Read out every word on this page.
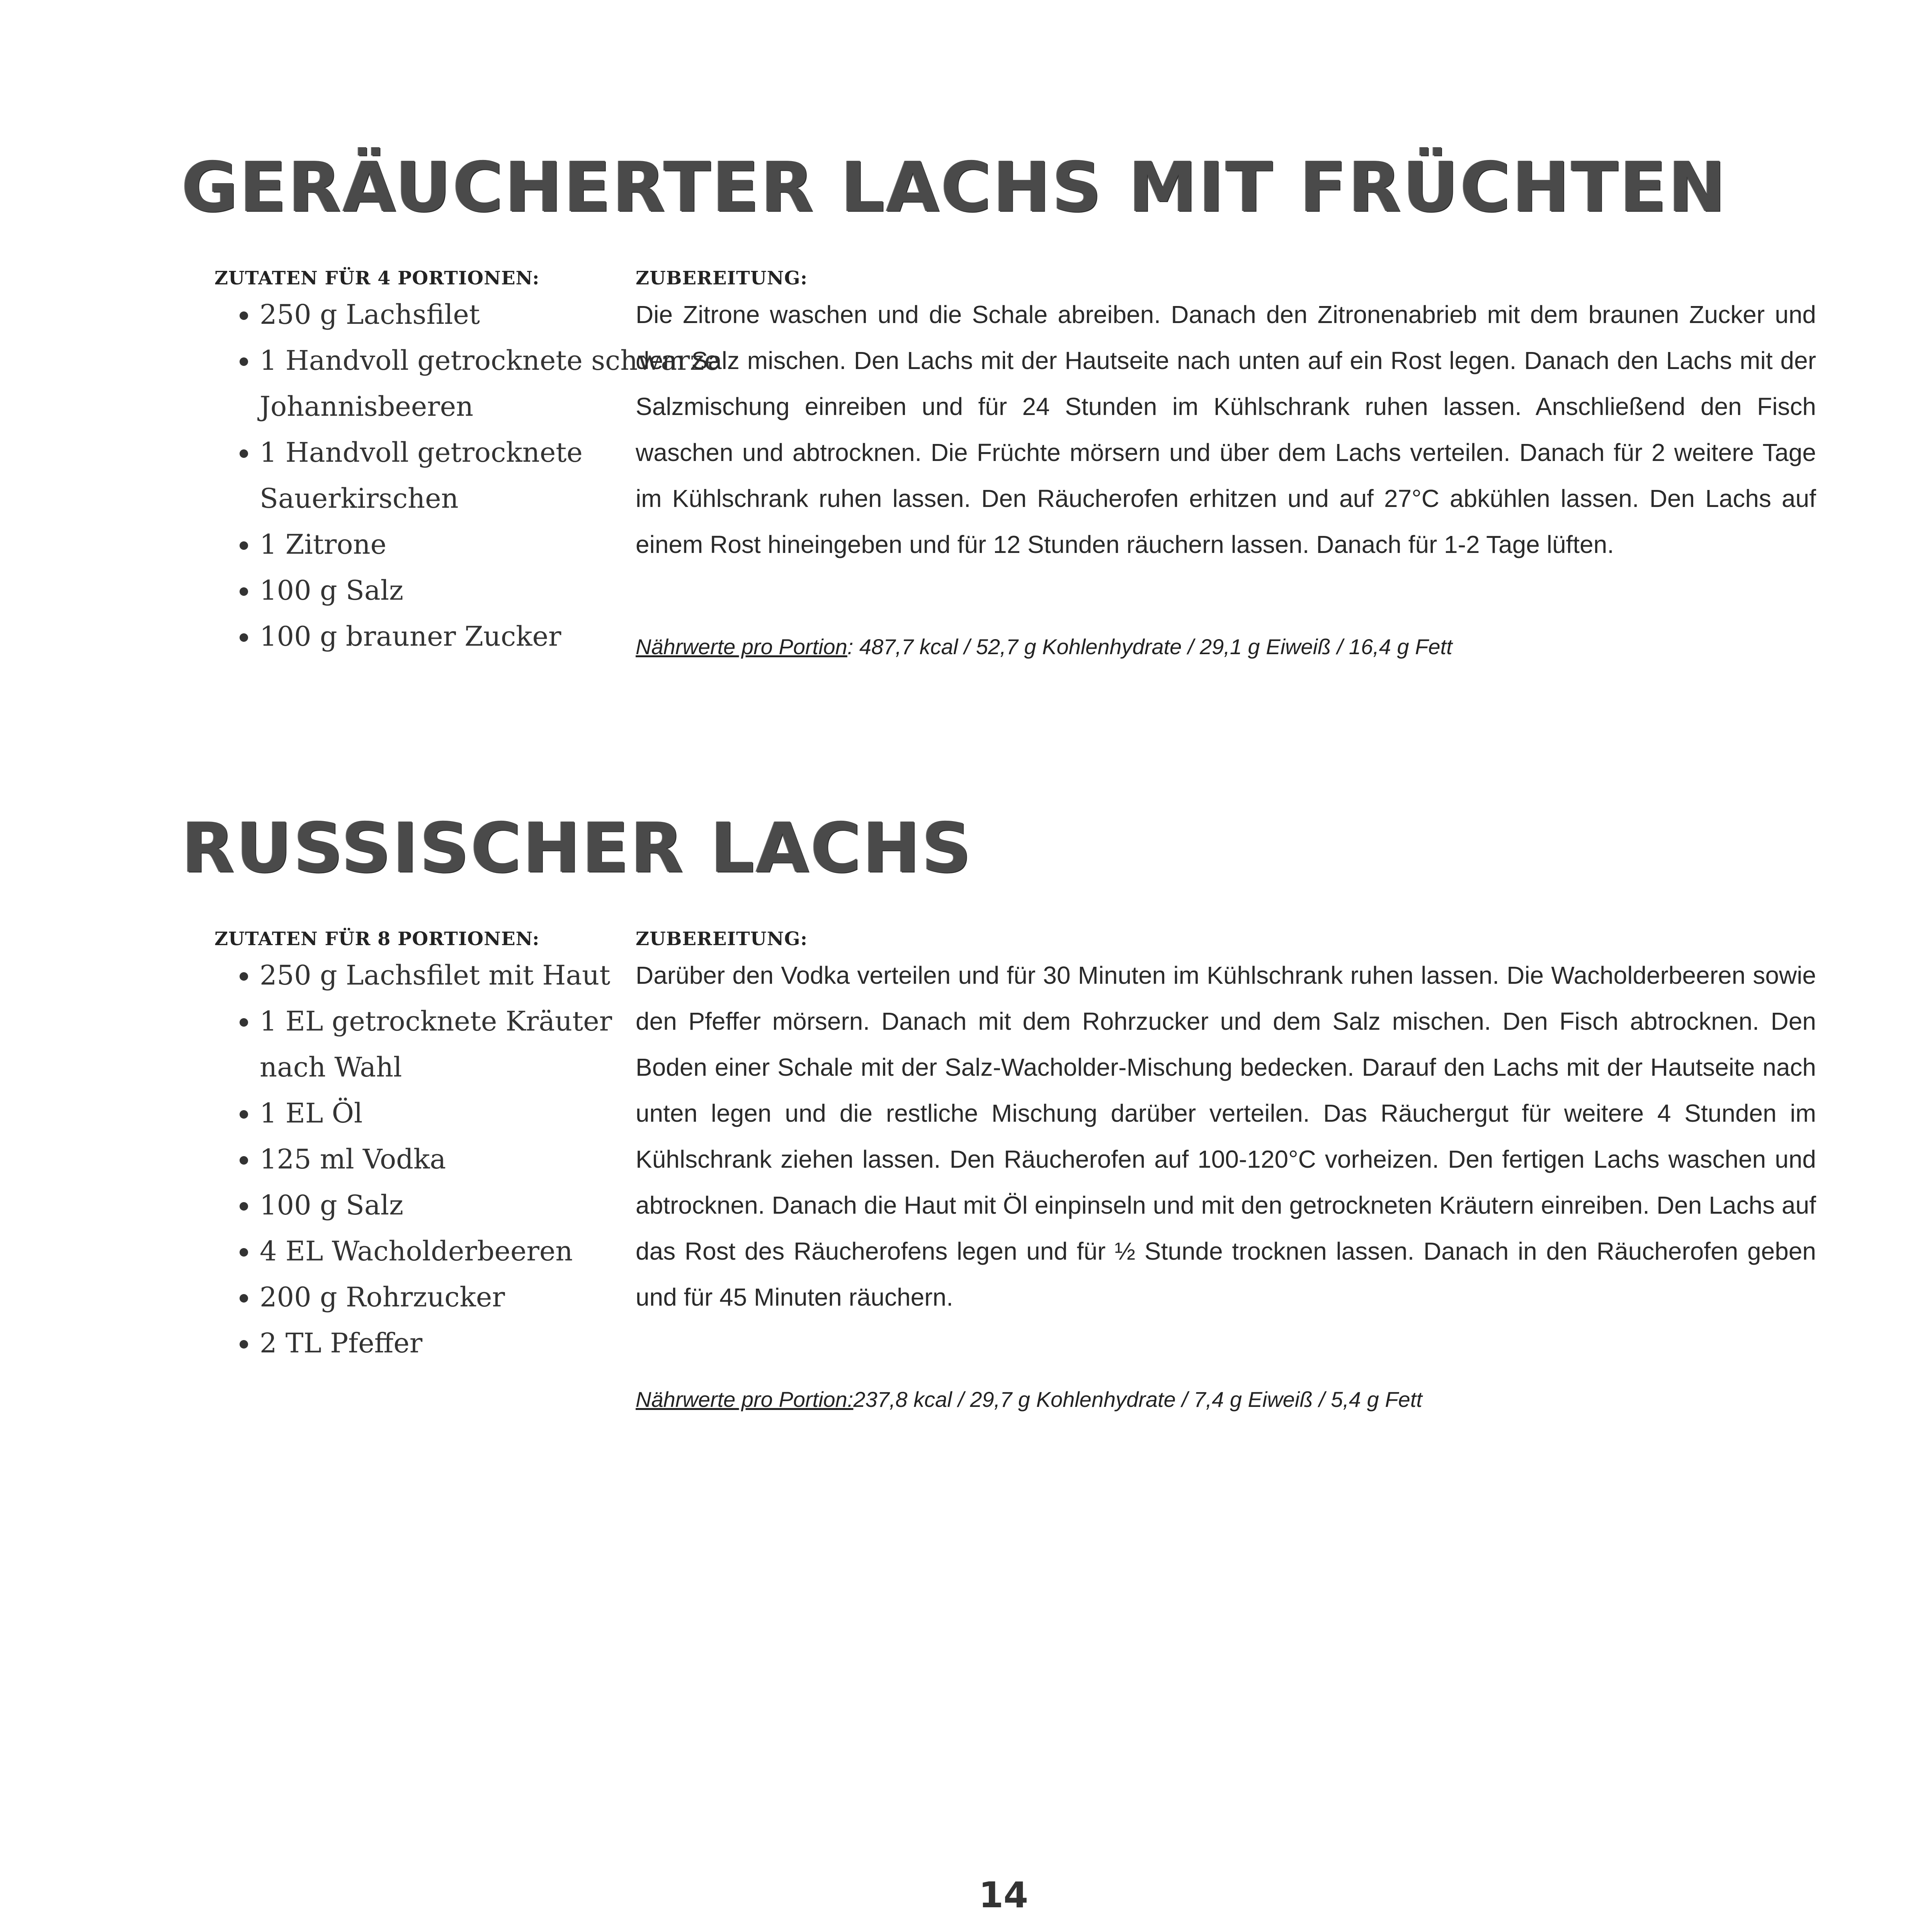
GERÄUCHERTER LACHS MIT FRÜCHTEN

ZUTATEN FÜR 4 PORTIONEN:

• 250 g Lachsfilet
• 1 Handvoll getrocknete schwarze Johannisbeeren
• 1 Handvoll getrocknete Sauerkirschen
• 1 Zitrone
• 100 g Salz
• 100 g brauner Zucker

ZUBEREITUNG:

Die Zitrone waschen und die Schale abreiben. Danach den Zitronenabrieb mit dem braunen Zucker und dem Salz mischen. Den Lachs mit der Hautseite nach unten auf ein Rost legen. Danach den Lachs mit der Salzmischung einreiben und für 24 Stunden im Kühlschrank ruhen lassen. Anschließend den Fisch waschen und abtrocknen. Die Früchte mörsern und über dem Lachs verteilen. Danach für 2 weitere Tage im Kühlschrank ruhen lassen. Den Räucherofen erhitzen und auf 27°C abkühlen lassen. Den Lachs auf einem Rost hineingeben und für 12 Stunden räuchern lassen. Danach für 1-2 Tage lüften.

Nährwerte pro Portion: 487,7 kcal / 52,7 g Kohlenhydrate / 29,1 g Eiweiß / 16,4 g Fett

RUSSISCHER LACHS

ZUTATEN FÜR 8 PORTIONEN:

• 250 g Lachsfilet mit Haut
• 1 EL getrocknete Kräuter nach Wahl
• 1 EL Öl
• 125 ml Vodka
• 100 g Salz
• 4 EL Wacholderbeeren
• 200 g Rohrzucker
• 2 TL Pfeffer

ZUBEREITUNG:

Darüber den Vodka verteilen und für 30 Minuten im Kühlschrank ruhen lassen. Die Wacholderbeeren sowie den Pfeffer mörsern. Danach mit dem Rohrzucker und dem Salz mischen. Den Fisch abtrocknen. Den Boden einer Schale mit der Salz-Wacholder-Mischung bedecken. Darauf den Lachs mit der Hautseite nach unten legen und die restliche Mischung darüber verteilen. Das Räuchergut für weitere 4 Stunden im Kühlschrank ziehen lassen. Den Räucherofen auf 100-120°C vorheizen. Den fertigen Lachs waschen und abtrocknen. Danach die Haut mit Öl einpinseln und mit den getrockneten Kräutern einreiben. Den Lachs auf das Rost des Räucherofens legen und für ½ Stunde trocknen lassen. Danach in den Räucherofen geben und für 45 Minuten räuchern.

Nährwerte pro Portion:237,8 kcal / 29,7 g Kohlenhydrate / 7,4 g Eiweiß / 5,4 g Fett

14
